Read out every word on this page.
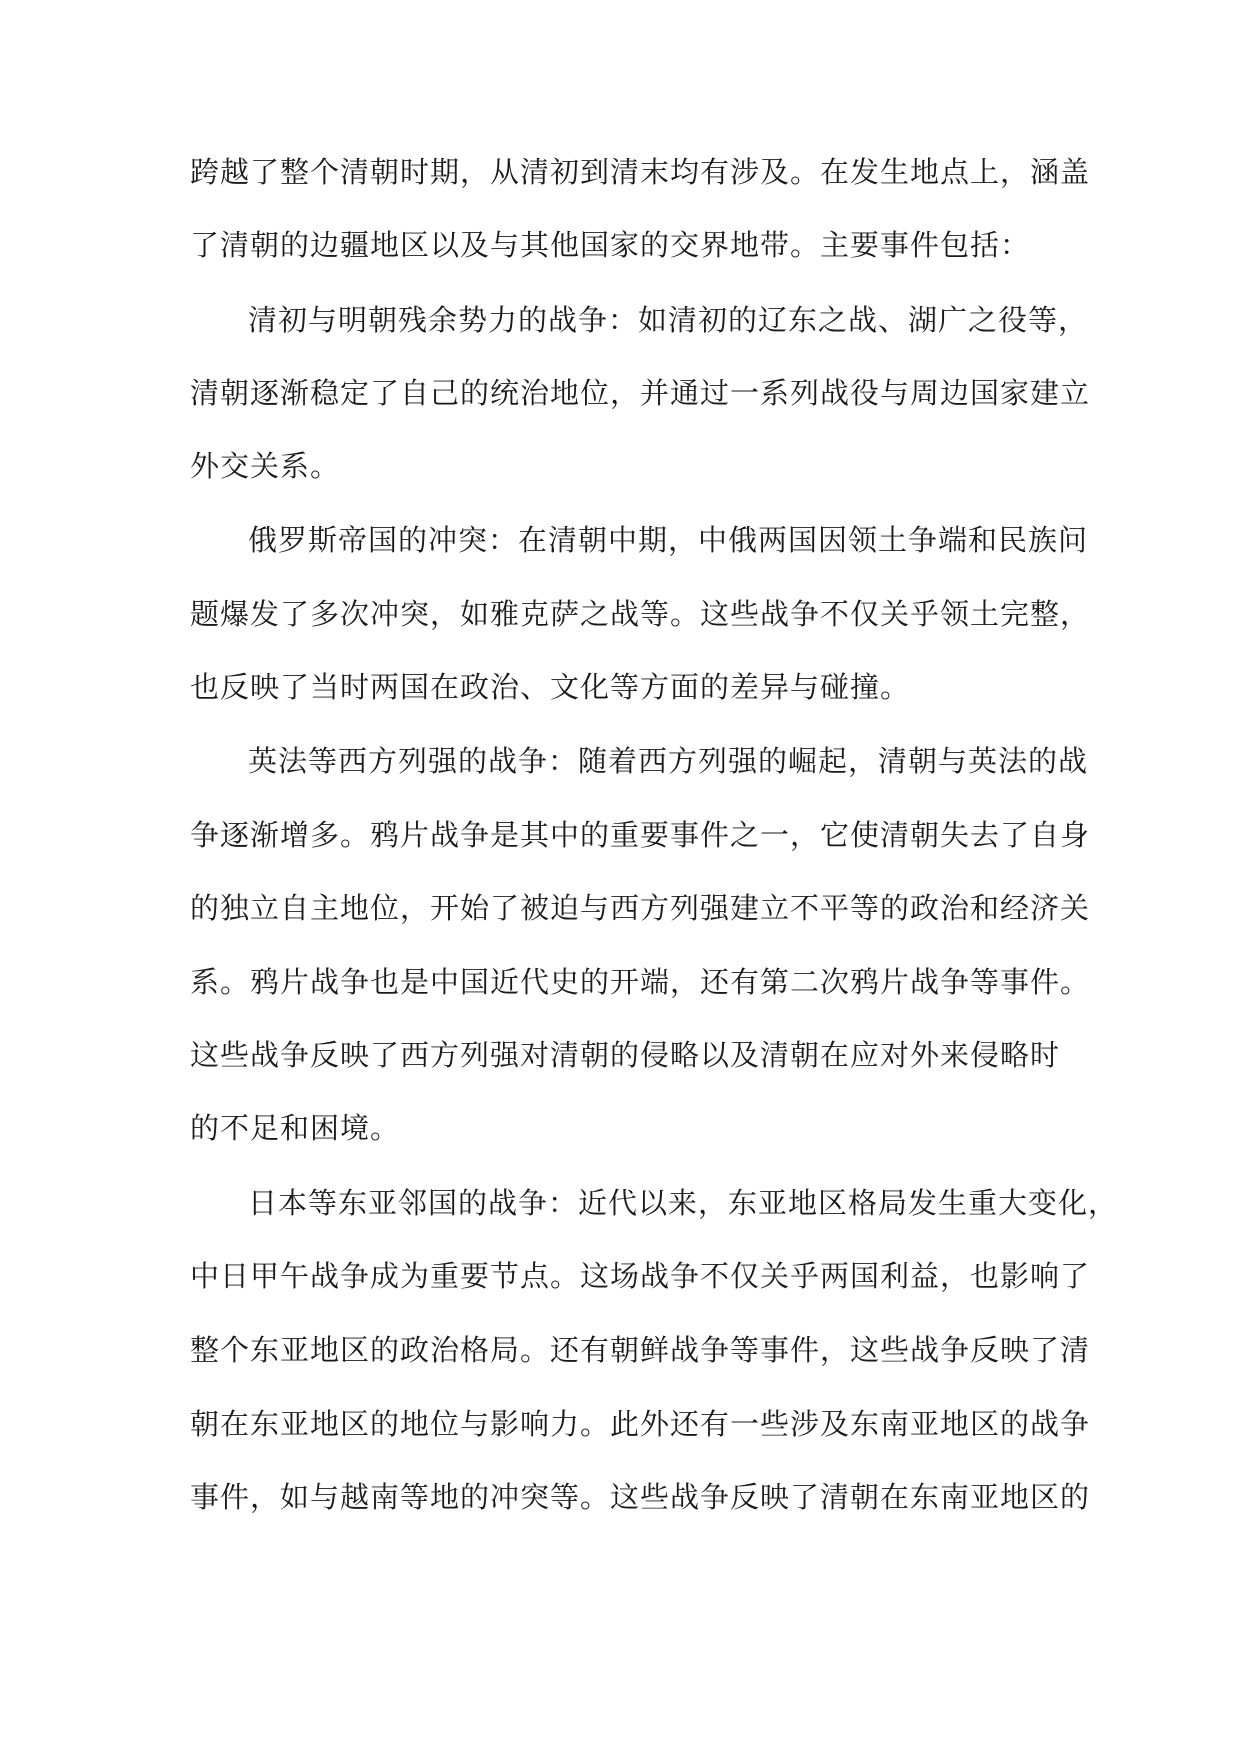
跨越了整个清朝时期，从清初到清末均有涉及。在发生地点上，涵盖
了清朝的边疆地区以及与其他国家的交界地带。主要事件包括：
清初与明朝残余势力的战争：如清初的辽东之战、湖广之役等，
清朝逐渐稳定了自己的统治地位，并通过一系列战役与周边国家建立
外交关系。
俄罗斯帝国的冲突：在清朝中期，中俄两国因领土争端和民族问
题爆发了多次冲突，如雅克萨之战等。这些战争不仅关乎领土完整，
也反映了当时两国在政治、文化等方面的差异与碰撞。
英法等西方列强的战争：随着西方列强的崛起，清朝与英法的战
争逐渐增多。鸦片战争是其中的重要事件之一，它使清朝失去了自身
的独立自主地位，开始了被迫与西方列强建立不平等的政治和经济关
系。鸦片战争也是中国近代史的开端，还有第二次鸦片战争等事件。
这些战争反映了西方列强对清朝的侵略以及清朝在应对外来侵略时
的不足和困境。
日本等东亚邻国的战争：近代以来，东亚地区格局发生重大变化，
中日甲午战争成为重要节点。这场战争不仅关乎两国利益，也影响了
整个东亚地区的政治格局。还有朝鲜战争等事件，这些战争反映了清
朝在东亚地区的地位与影响力。此外还有一些涉及东南亚地区的战争
事件，如与越南等地的冲突等。这些战争反映了清朝在东南亚地区的
